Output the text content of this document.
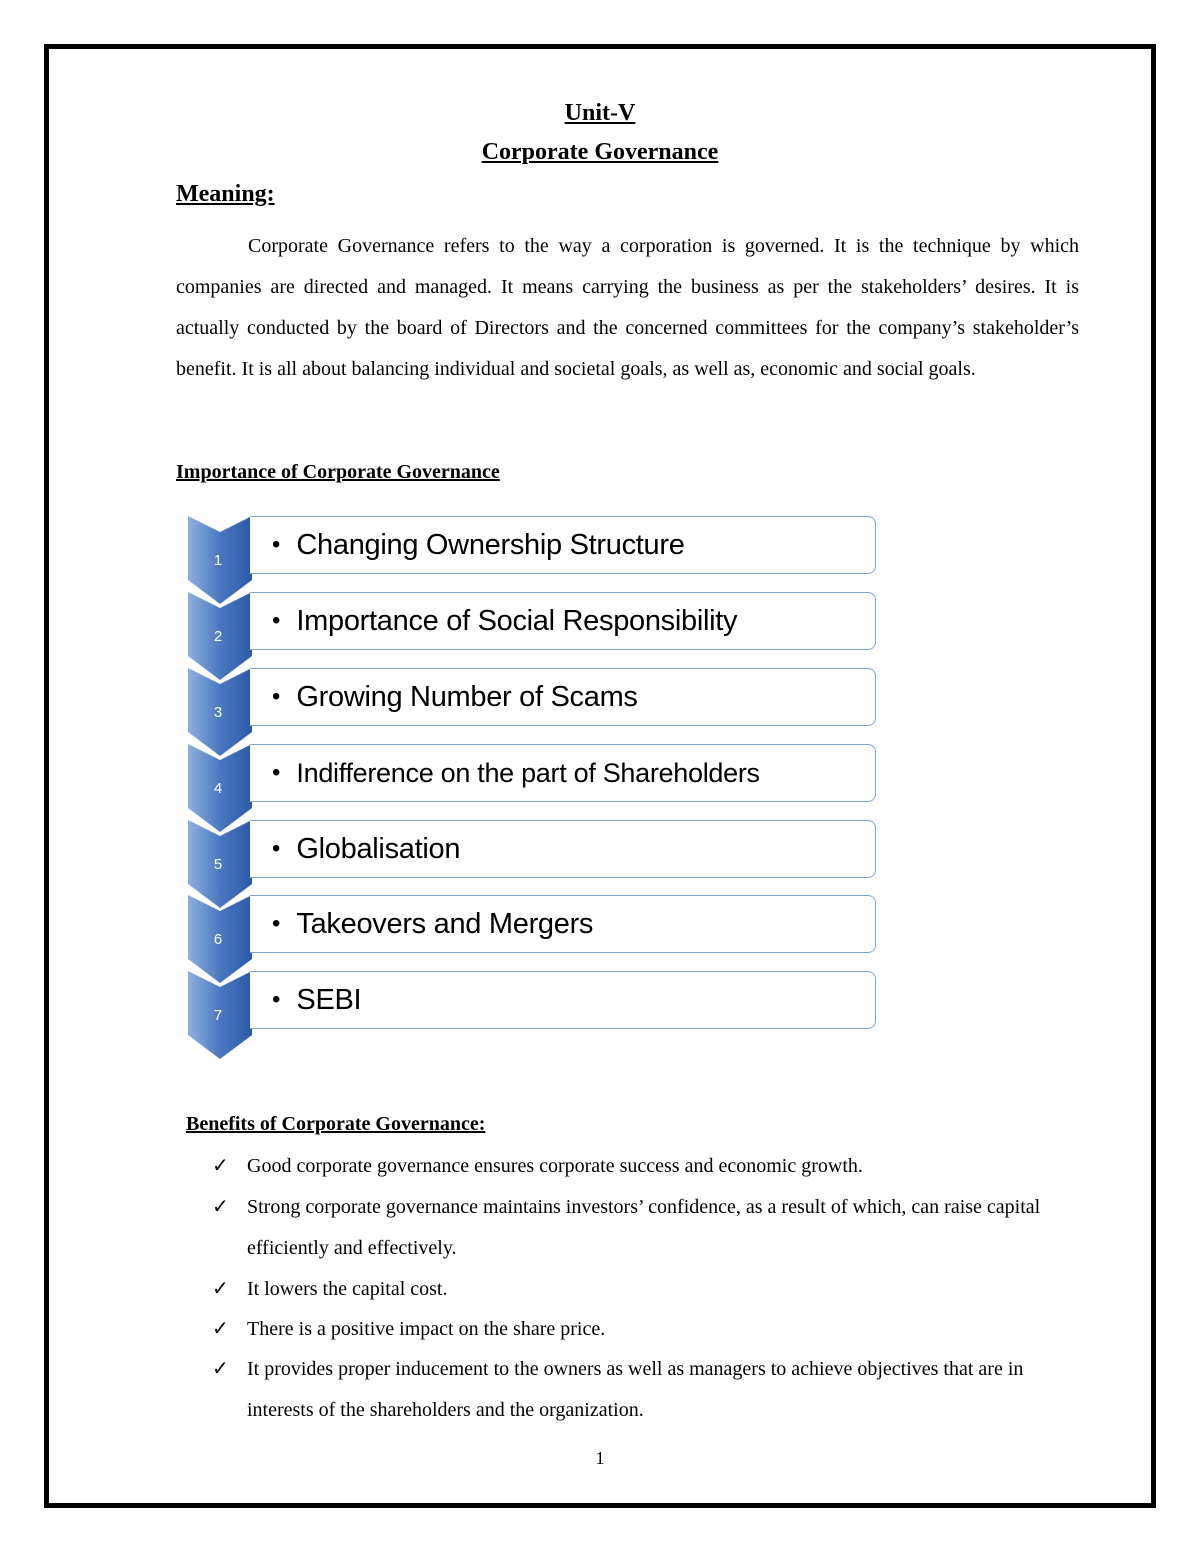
Unit-V
Corporate Governance
Meaning:

Corporate Governance refers to the way a corporation is governed. It is the technique by which companies are directed and managed. It means carrying the business as per the stakeholders’ desires. It is actually conducted by the board of Directors and the concerned committees for the company’s stakeholder’s benefit. It is all about balancing individual and societal goals, as well as, economic and social goals.

Importance of Corporate Governance
1
• Changing Ownership Structure
2
• Importance of Social Responsibility
3
• Growing Number of Scams
4
• Indifference on the part of Shareholders
5
• Globalisation
6
• Takeovers and Mergers
7
• SEBI
Benefits of Corporate Governance:
✓ Good corporate governance ensures corporate success and economic growth.
✓ Strong corporate governance maintains investors’ confidence, as a result of which, can raise capital efficiently and effectively.
✓ It lowers the capital cost.
✓ There is a positive impact on the share price.
✓ It provides proper inducement to the owners as well as managers to achieve objectives that are in interests of the shareholders and the organization.
1
